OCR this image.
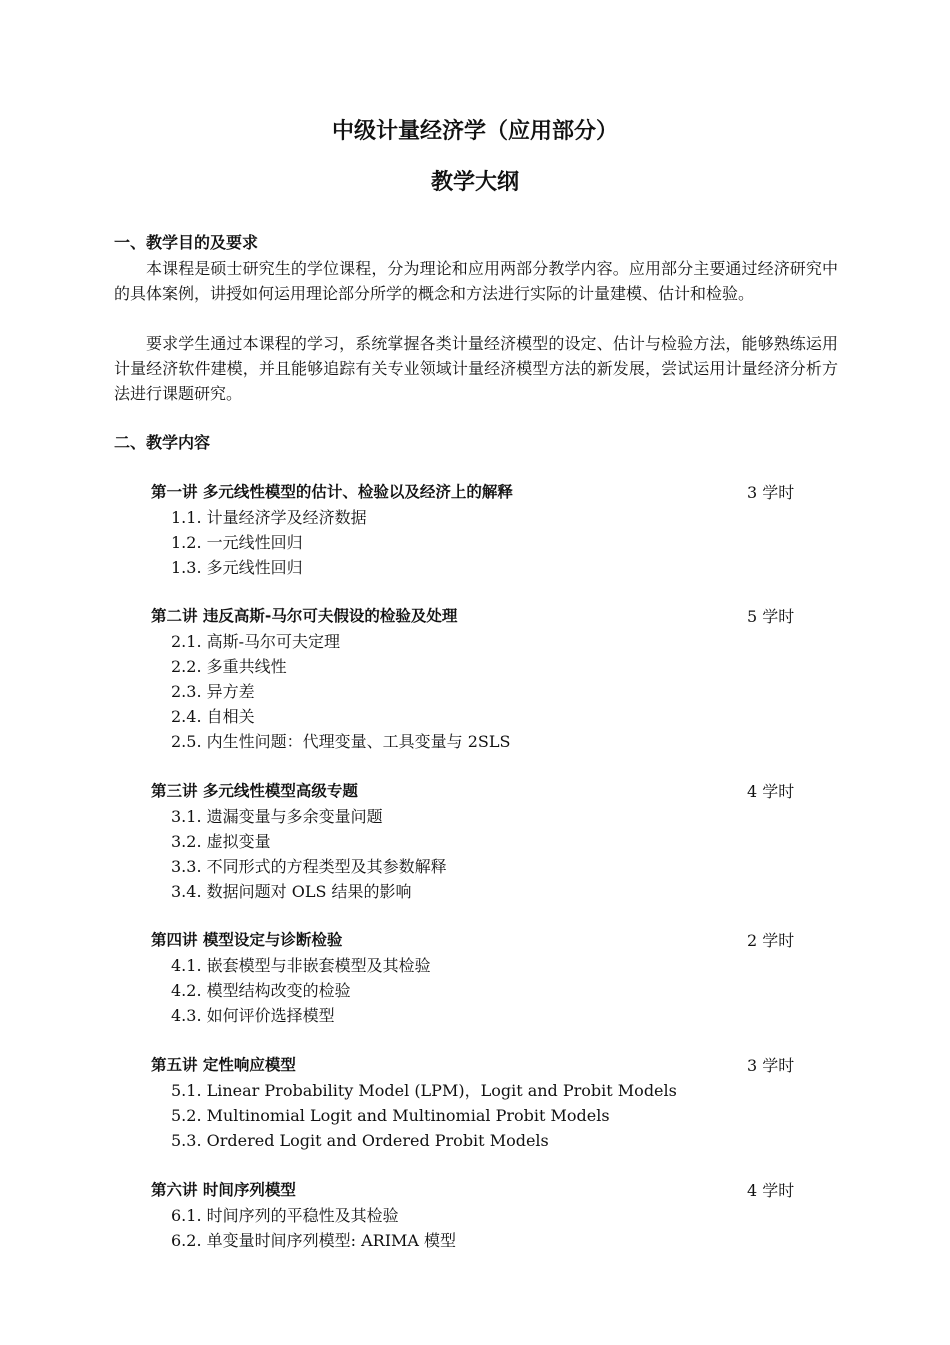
中级计量经济学（应用部分）
教学大纲
一、教学目的及要求

本课程是硕士研究生的学位课程，分为理论和应用两部分教学内容。应用部分主要通过经济研究中的具体案例，讲授如何运用理论部分所学的概念和方法进行实际的计量建模、估计和检验。

要求学生通过本课程的学习，系统掌握各类计量经济模型的设定、估计与检验方法，能够熟练运用计量经济软件建模，并且能够追踪有关专业领域计量经济模型方法的新发展，尝试运用计量经济分析方法进行课题研究。

二、教学内容
第一讲 多元线性模型的估计、检验以及经济上的解释	3 学时
1.1. 计量经济学及经济数据
1.2. 一元线性回归
1.3. 多元线性回归
第二讲 违反高斯-马尔可夫假设的检验及处理	5 学时
2.1. 高斯-马尔可夫定理
2.2. 多重共线性
2.3. 异方差
2.4. 自相关
2.5. 内生性问题：代理变量、工具变量与 2SLS
第三讲 多元线性模型高级专题	4 学时
3.1. 遗漏变量与多余变量问题
3.2. 虚拟变量
3.3. 不同形式的方程类型及其参数解释
3.4. 数据问题对 OLS 结果的影响
第四讲 模型设定与诊断检验	2 学时
4.1. 嵌套模型与非嵌套模型及其检验
4.2. 模型结构改变的检验
4.3. 如何评价选择模型
第五讲 定性响应模型	3 学时
5.1. Linear Probability Model (LPM)，Logit and Probit Models
5.2. Multinomial Logit and Multinomial Probit Models
5.3. Ordered Logit and Ordered Probit Models
第六讲 时间序列模型	4 学时
6.1. 时间序列的平稳性及其检验
6.2. 单变量时间序列模型: ARIMA 模型
